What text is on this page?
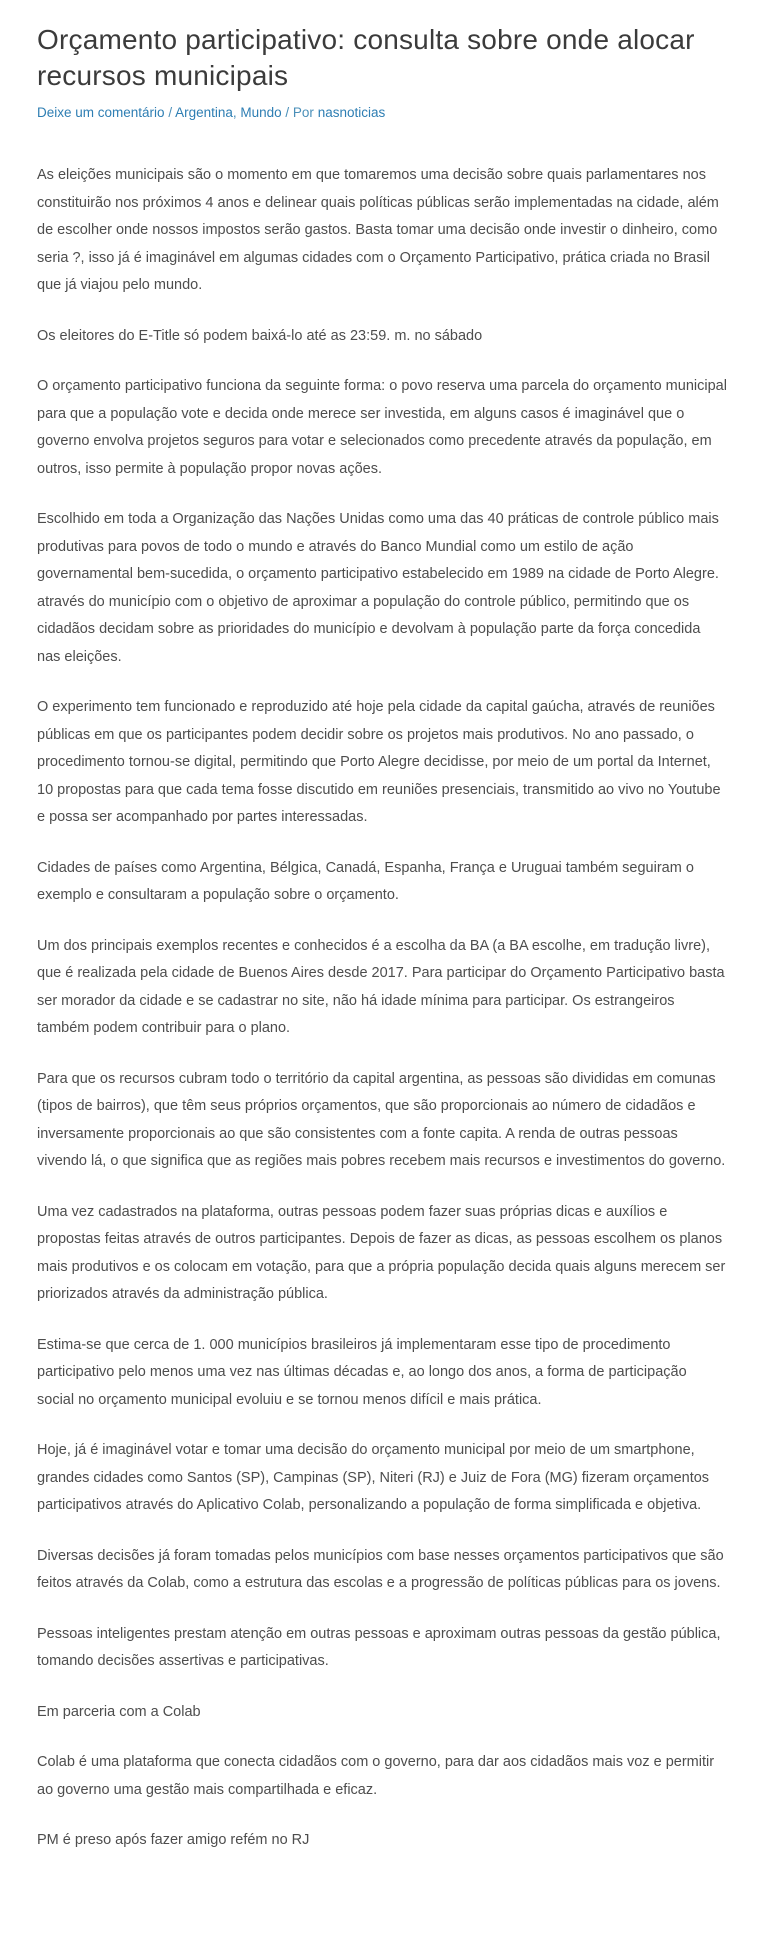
Orçamento participativo: consulta sobre onde alocar recursos municipais
Deixe um comentário / Argentina, Mundo / Por nasnoticias

As eleições municipais são o momento em que tomaremos uma decisão sobre quais parlamentares nos constituirão nos próximos 4 anos e delinear quais políticas públicas serão implementadas na cidade, além de escolher onde nossos impostos serão gastos. Basta tomar uma decisão onde investir o dinheiro, como seria ?, isso já é imaginável em algumas cidades com o Orçamento Participativo, prática criada no Brasil que já viajou pelo mundo.

Os eleitores do E-Title só podem baixá-lo até as 23:59. m. no sábado

O orçamento participativo funciona da seguinte forma: o povo reserva uma parcela do orçamento municipal para que a população vote e decida onde merece ser investida, em alguns casos é imaginável que o governo envolva projetos seguros para votar e selecionados como precedente através da população, em outros, isso permite à população propor novas ações.

Escolhido em toda a Organização das Nações Unidas como uma das 40 práticas de controle público mais produtivas para povos de todo o mundo e através do Banco Mundial como um estilo de ação governamental bem-sucedida, o orçamento participativo estabelecido em 1989 na cidade de Porto Alegre. através do município com o objetivo de aproximar a população do controle público, permitindo que os cidadãos decidam sobre as prioridades do município e devolvam à população parte da força concedida nas eleições.

O experimento tem funcionado e reproduzido até hoje pela cidade da capital gaúcha, através de reuniões públicas em que os participantes podem decidir sobre os projetos mais produtivos. No ano passado, o procedimento tornou-se digital, permitindo que Porto Alegre decidisse, por meio de um portal da Internet, 10 propostas para que cada tema fosse discutido em reuniões presenciais, transmitido ao vivo no Youtube e possa ser acompanhado por partes interessadas.

Cidades de países como Argentina, Bélgica, Canadá, Espanha, França e Uruguai também seguiram o exemplo e consultaram a população sobre o orçamento.

Um dos principais exemplos recentes e conhecidos é a escolha da BA (a BA escolhe, em tradução livre), que é realizada pela cidade de Buenos Aires desde 2017. Para participar do Orçamento Participativo basta ser morador da cidade e se cadastrar no site, não há idade mínima para participar. Os estrangeiros também podem contribuir para o plano.

Para que os recursos cubram todo o território da capital argentina, as pessoas são divididas em comunas (tipos de bairros), que têm seus próprios orçamentos, que são proporcionais ao número de cidadãos e inversamente proporcionais ao que são consistentes com a fonte capita. A renda de outras pessoas vivendo lá, o que significa que as regiões mais pobres recebem mais recursos e investimentos do governo.

Uma vez cadastrados na plataforma, outras pessoas podem fazer suas próprias dicas e auxílios e propostas feitas através de outros participantes. Depois de fazer as dicas, as pessoas escolhem os planos mais produtivos e os colocam em votação, para que a própria população decida quais alguns merecem ser priorizados através da administração pública.

Estima-se que cerca de 1. 000 municípios brasileiros já implementaram esse tipo de procedimento participativo pelo menos uma vez nas últimas décadas e, ao longo dos anos, a forma de participação social no orçamento municipal evoluiu e se tornou menos difícil e mais prática.

Hoje, já é imaginável votar e tomar uma decisão do orçamento municipal por meio de um smartphone, grandes cidades como Santos (SP), Campinas (SP), Niteri (RJ) e Juiz de Fora (MG) fizeram orçamentos participativos através do Aplicativo Colab, personalizando a população de forma simplificada e objetiva.

Diversas decisões já foram tomadas pelos municípios com base nesses orçamentos participativos que são feitos através da Colab, como a estrutura das escolas e a progressão de políticas públicas para os jovens.

Pessoas inteligentes prestam atenção em outras pessoas e aproximam outras pessoas da gestão pública, tomando decisões assertivas e participativas.

Em parceria com a Colab

Colab é uma plataforma que conecta cidadãos com o governo, para dar aos cidadãos mais voz e permitir ao governo uma gestão mais compartilhada e eficaz.

PM é preso após fazer amigo refém no RJ
